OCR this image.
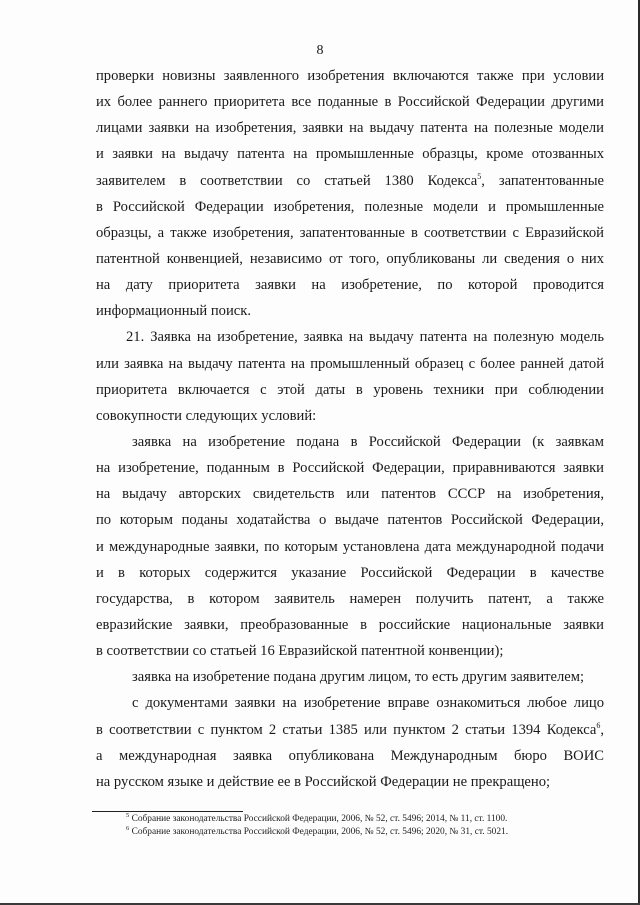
8
проверки новизны заявленного изобретения включаются также при условии
их более раннего приоритета все поданные в Российской Федерации другими
лицами заявки на изобретения, заявки на выдачу патента на полезные модели
и заявки на выдачу патента на промышленные образцы, кроме отозванных
заявителем в соответствии со статьей 1380 Кодекса$^5$, запатентованные
в Российской Федерации изобретения, полезные модели и промышленные
образцы, а также изобретения, запатентованные в соответствии с Евразийской
патентной конвенцией, независимо от того, опубликованы ли сведения о них
на дату приоритета заявки на изобретение, по которой проводится
информационный поиск.
21. Заявка на изобретение, заявка на выдачу патента на полезную модель
или заявка на выдачу патента на промышленный образец с более ранней датой
приоритета включается с этой даты в уровень техники при соблюдении
совокупности следующих условий:
заявка на изобретение подана в Российской Федерации (к заявкам
на изобретение, поданным в Российской Федерации, приравниваются заявки
на выдачу авторских свидетельств или патентов СССР на изобретения,
по которым поданы ходатайства о выдаче патентов Российской Федерации,
и международные заявки, по которым установлена дата международной подачи
и в которых содержится указание Российской Федерации в качестве
государства, в котором заявитель намерен получить патент, а также
евразийские заявки, преобразованные в российские национальные заявки
в соответствии со статьей 16 Евразийской патентной конвенции);
заявка на изобретение подана другим лицом, то есть другим заявителем;
с документами заявки на изобретение вправе ознакомиться любое лицо
в соответствии с пунктом 2 статьи 1385 или пунктом 2 статьи 1394 Кодекса$^6$,
а международная заявка опубликована Международным бюро ВОИС
на русском языке и действие ее в Российской Федерации не прекращено;
$^5$ Собрание законодательства Российской Федерации, 2006, № 52, ст. 5496; 2014, № 11, ст. 1100.
$^6$ Собрание законодательства Российской Федерации, 2006, № 52, ст. 5496; 2020, № 31, ст. 5021.
